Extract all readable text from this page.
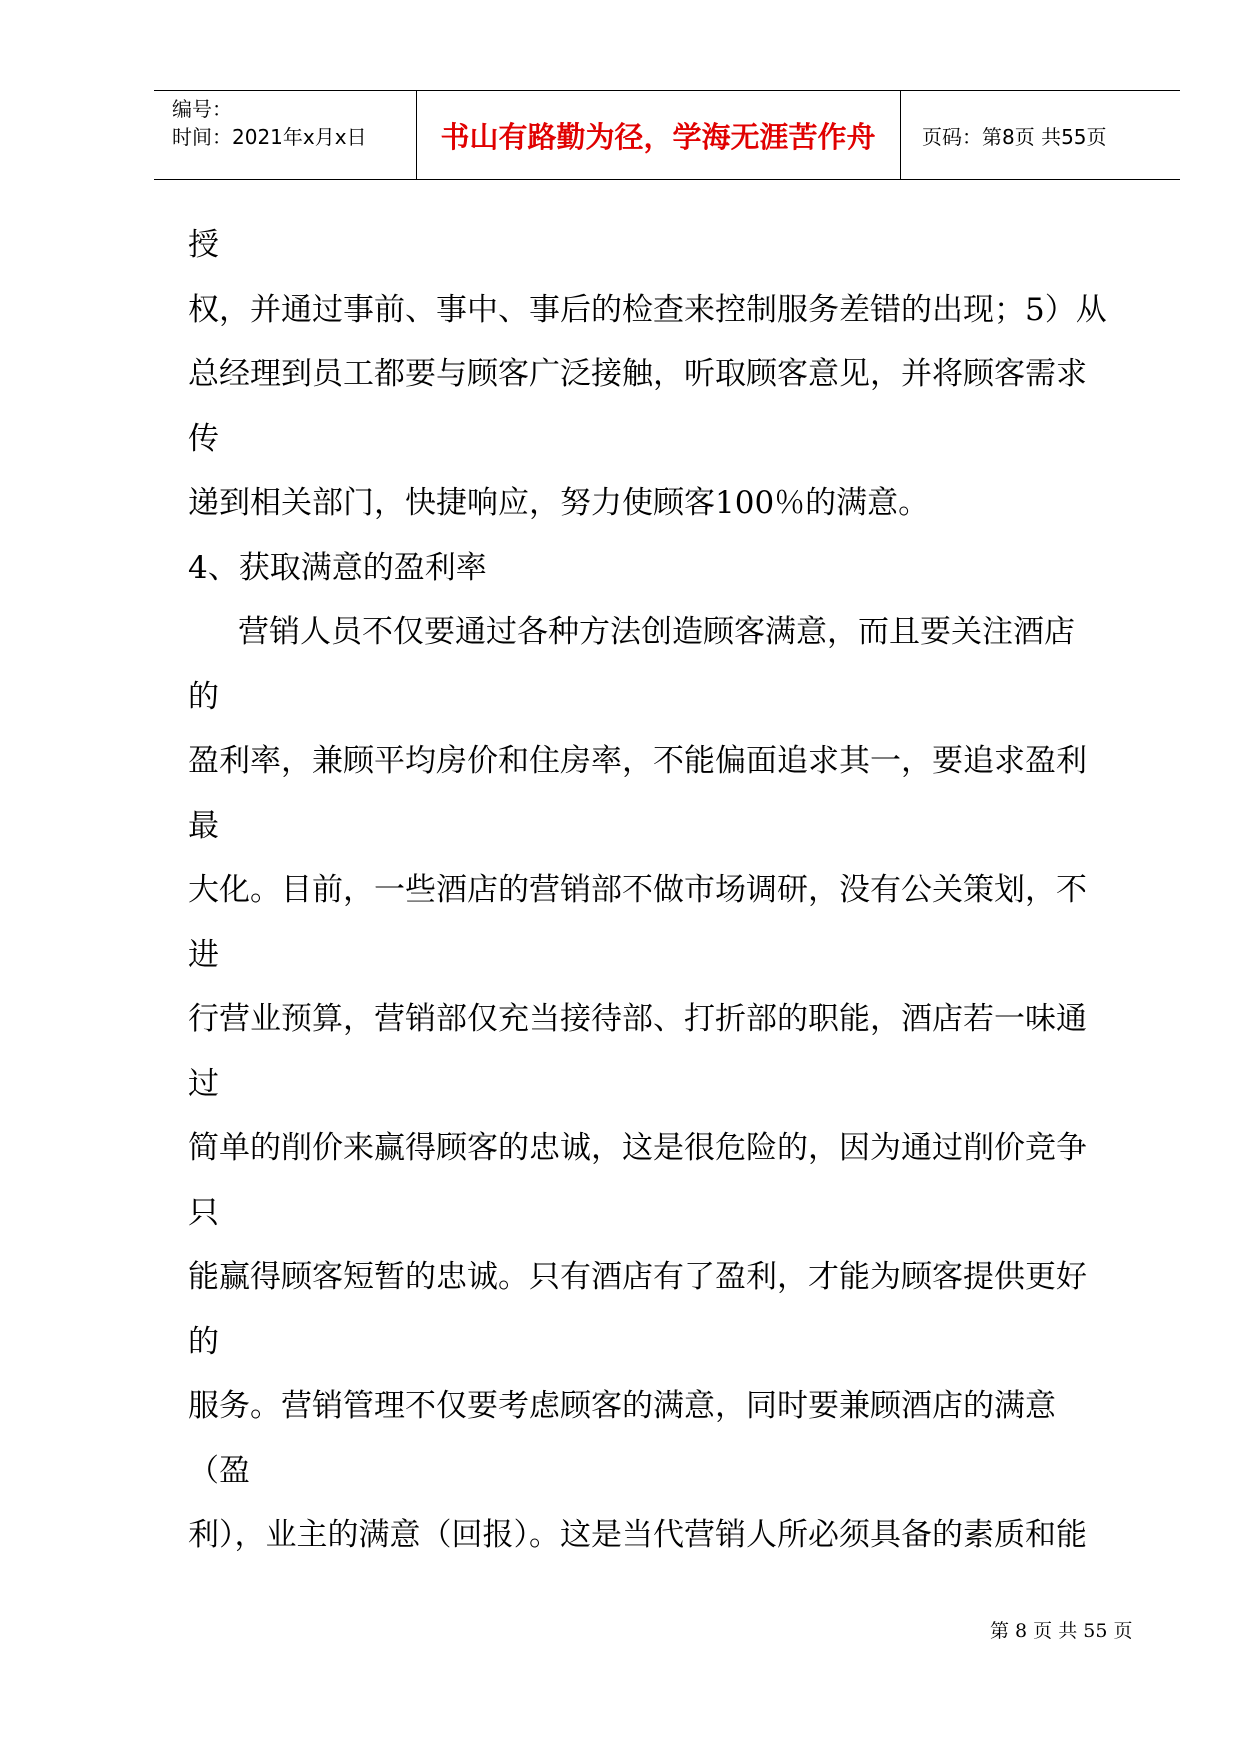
编号：
时间：2021年x月x日	书山有路勤为径，学海无涯苦作舟	页码：第8页 共55页
授
权，并通过事前、事中、事后的检查来控制服务差错的出现；5）从
总经理到员工都要与顾客广泛接触，听取顾客意见，并将顾客需求
传
递到相关部门，快捷响应，努力使顾客100％的满意。
4、获取满意的盈利率
营销人员不仅要通过各种方法创造顾客满意，而且要关注酒店
的
盈利率，兼顾平均房价和住房率，不能偏面追求其一，要追求盈利
最
大化。目前，一些酒店的营销部不做市场调研，没有公关策划，不
进
行营业预算，营销部仅充当接待部、打折部的职能，酒店若一味通
过
简单的削价来赢得顾客的忠诚，这是很危险的，因为通过削价竞争
只
能赢得顾客短暂的忠诚。只有酒店有了盈利，才能为顾客提供更好
的
服务。营销管理不仅要考虑顾客的满意，同时要兼顾酒店的满意
（盈
利），业主的满意（回报）。这是当代营销人所必须具备的素质和能
第 8 页 共 55 页
